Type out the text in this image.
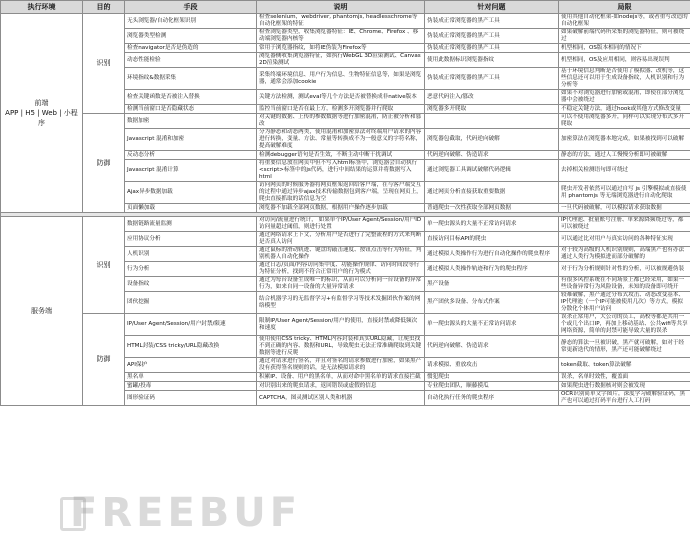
执行环境	目的	手段	说明	针对问题	局限
前端
APP | H5 | Web | 小程序	识别	无头浏览器/自动化框架识别	检查selenium，webdriver, phantomjs, headlesschrome等自动化框架的特征	伪装成正常浏览器的黑产工具	使用其他自动化框架-如nodejs等，或者重写改造的自动化框架
		浏览器类型检测	检查浏览器类型，收集浏览器特征：IE、Chrome、Firefox 、移动端浏览器内核等	伪装成正常浏览器的黑产工具	如果破解前端代码所采集的浏览器特征，则可被绕过
		检查navigator是否是伪造的	常用于浏览器指纹，如将IE伪装为Firefox等	伪装成正常浏览器的黑产工具	机型相同，OS版本相同的情况下
		动态性能检验	浏览器侧收集浏览器特征，如执行WebGL 3D渲染测试、Canvas 2D渲染测试	使用此数据标识浏览器指纹	机型相同，OS及应用相同，则容易出现误判
		环境指纹&数据采集	采集终端环境信息、用户行为信息、生物特征信息等，如果是浏览器，通常会添加cookie	伪装成正常浏览器的黑产工具	基于环境信息判断是否使用了模拟器、改机等，这些信息还可以用于生成设备指纹，人机识别和行为分析等
		检查关键函数是否被注入替换	关键方法检测，测试eval等几个方法是否被替换成非native版本	恶意代码注入/篡改	如果不对浏览器进行加密或混淆，即使在部分浏览器中会被绕过
		检测当前窗口是否隐藏状态	监控当前窗口是否在最上方，检测多开浏览器并行爬取	浏览器多开爬取	不稳定关键方法，通过hook或其他方式修改变量
	防御	数据加密	对关键的数据、上传的参数数据等进行加密混淆，防止被分析和篡改		可以不使用浏览器多开，同样可以实现分布式多开爬取
		Javascript 混淆和加密	分为静态和动态两类，使用混淆和加密算法对终端用户请求的内容进行转换，变量、方法、常量等转换成不为一般意义的字符名称，提高破解难度	浏览器包截取，代码逆向破解	加密算法在浏览器本地完成，如果被找到可以破解
		反动态分析	检测debugger语句是否生效，不断主动中断干扰调试	代码逆向破解、伪造请求	静态的方法，通过人工慢慢分析即可被破解
		Javascript 混淆计算	将重要信息放在网页中但不写入html标签中，浏览器会自动执行<script>标签中的js代码，进行中间结果的运算并将数据写入html	通过浏览器工具调试破解代码逻辑	去掉相关检测语句即可绕过
		Ajax异步数据加载	访问网页的时候服务器将网页框架返回给客户端，在与客户端交互的过程中通过异步ajax技术传输数据包到客户端，呈现在网页上，爬虫直接抓取的话信息为空	通过网页分析直接获取重要数据	爬虫开发者依然可以通过自写 js 引擎模拟或直接使用 phantomjs 等无端浏览器进行自动化爬取
		页面懒加载	浏览器不加载全部网页数据，根据用户操作逐步加载	普通爬虫一次性获取全部网页数据	一旦代码被破解，可以模拟请求获取数据

服务端	识别	数据链路流量监测	对访问/流量进行统计， 如果单个IP/User Agent/Session/用户ID访问量超过阈值，则进行处置	单一爬虫源头的大量不正常访问请求	IP代理池、批量账号注册、单来源降频绕过等，都可以被绕过
		应用协议分析	通过网络请求上下文，分析用户是否进行了完整流程的方式来判断是否真人访问	直接访问目标API的爬虫	可以通过比对用户与真实访问的各种特征实现
		人机识别	通过鼠标的滑动轨迹、键盘的敲击速度、按钮点击等行为特征，判别机器人自动化操作	通过模拟人类操作行为进行自动化操作的爬虫程序	对于较为高级的人机识别规则，高端黑产也有办法通过人类行为模拟进而部分破解的
		行为分析	通过日志/页面/内容访问集中度、功能操作规律、访问时间段等行为特征分析，找到不符合正常用户的行为模式	通过模拟人类操作轨迹和行为的爬虫程序	对于行为分析规则针对性的分析，可以被规避伪装
		设备指纹	通过为每台设备生成唯一的标识，从而可以分析同一台设备的异常行为，如来自同一设备的大量异常请求	黑产设备	有很多风控系统在不同场景上都已经采用，如果一些设备异常行为风险设备，未知的设备即可绕开
		团伙挖掘	结合机器学习的无监督学习+有监督学习等技术发掘团伙作案的网络模型	黑产团伙多设备、分布式作案	较难破解，黑产通过分布式攻击、动态改变基本、IP代理池（一个IP可能被使用几次）等方式，模拟分散化个体用户访问
	防御	IP/User Agent/Session/用户封禁/限速	限制IP/User Agent/Session/用户的使用，直接封禁或降低频次和速度	单一爬虫源头的大量不正常访问请求	误杀正常用户，大公司的员工，高校等都是共用一个或几个出口IP，再加上移动基站、公共wifi等共享网络资源，简单的封禁可能导致大量的误杀
		HTML封装/CSS tricky/URL隐藏改换	使用使用CSS tricky、HTML内容封装和真实URL隐藏，让爬虫找不到正确的内容、数据和URL，导致爬虫无法正常准确爬取到关键数据等进行反爬	代码逆向破解、伪造请求	静态的算法一旦被识破，黑产就可破解，如对于经常更新迭代的情形，黑产还可能破解绕过
		API保护	通过对请求进行签名，并且对签名的请求参数进行加密，如果黑产没有获得签名规则的话，是无法模拟请求的	请求模拟、重放攻击	token截取、token算法破解
		黑名单	积累IP、设备、用户的黑名单，从而对命中黑名单的请求直接拦截	惯犯爬虫	误杀，名单时效性，覆盖面
		蜜罐/投毒	对识别出来的爬虫请求，返回错误或虚假的信息	专业爬虫团队，顺藤摸瓜	如果爬虫进行数据核对则会被发现
		图形验证码	CAPTCHA，图灵测试区别人类和机器	自动化执行任务的爬虫程序	OCR识别简单文字图片，深度学习破解验证码，黑产也可以通过打码平台进行人工打码
FREEBUF
